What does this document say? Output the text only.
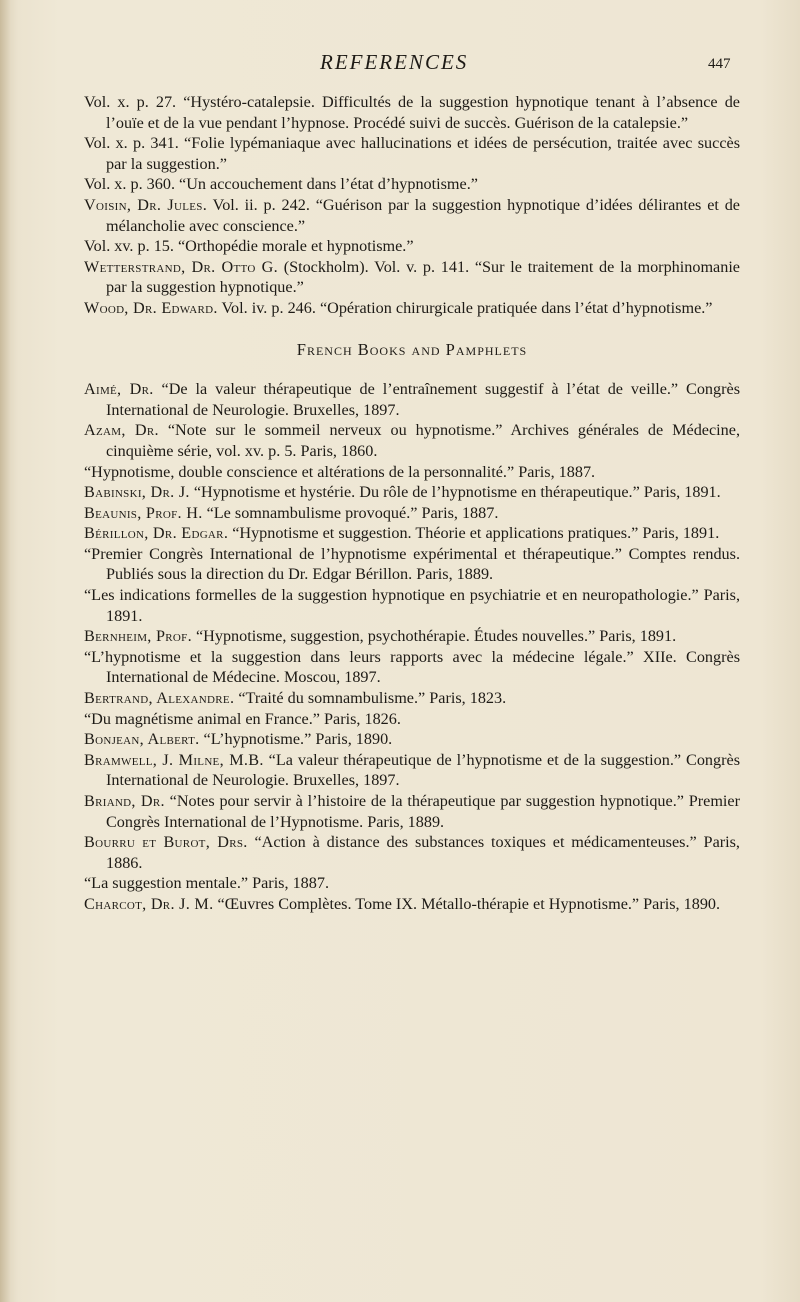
REFERENCES	447

Vol. x. p. 27. “Hystéro-catalepsie. Difficultés de la suggestion hypnotique tenant à l’absence de l’ouïe et de la vue pendant l’hypnose. Procédé suivi de succès. Guérison de la catalepsie.”

Vol. x. p. 341. “Folie lypémaniaque avec hallucinations et idées de persécution, traitée avec succès par la suggestion.”

Vol. x. p. 360. “Un accouchement dans l’état d’hypnotisme.”

Voisin, Dr. Jules. Vol. ii. p. 242. “Guérison par la suggestion hypnotique d’idées délirantes et de mélancholie avec conscience.”

Vol. xv. p. 15. “Orthopédie morale et hypnotisme.”

Wetterstrand, Dr. Otto G. (Stockholm). Vol. v. p. 141. “Sur le traitement de la morphinomanie par la suggestion hypnotique.”

Wood, Dr. Edward. Vol. iv. p. 246. “Opération chirurgicale pratiquée dans l’état d’hypnotisme.”

French Books and Pamphlets

Aimé, Dr. “De la valeur thérapeutique de l’entraînement suggestif à l’état de veille.” Congrès International de Neurologie. Bruxelles, 1897.

Azam, Dr. “Note sur le sommeil nerveux ou hypnotisme.” Archives générales de Médecine, cinquième série, vol. xv. p. 5. Paris, 1860.

“Hypnotisme, double conscience et altérations de la personnalité.” Paris, 1887.

Babinski, Dr. J. “Hypnotisme et hystérie. Du rôle de l’hypnotisme en thérapeutique.” Paris, 1891.

Beaunis, Prof. H. “Le somnambulisme provoqué.” Paris, 1887.

Bérillon, Dr. Edgar. “Hypnotisme et suggestion. Théorie et applications pratiques.” Paris, 1891.

“Premier Congrès International de l’hypnotisme expérimental et thérapeutique.” Comptes rendus. Publiés sous la direction du Dr. Edgar Bérillon. Paris, 1889.

“Les indications formelles de la suggestion hypnotique en psychiatrie et en neuropathologie.” Paris, 1891.

Bernheim, Prof. “Hypnotisme, suggestion, psychothérapie. Études nouvelles.” Paris, 1891.

“L’hypnotisme et la suggestion dans leurs rapports avec la médecine légale.” XIIe. Congrès International de Médecine. Moscou, 1897.

Bertrand, Alexandre. “Traité du somnambulisme.” Paris, 1823.

“Du magnétisme animal en France.” Paris, 1826.

Bonjean, Albert. “L’hypnotisme.” Paris, 1890.

Bramwell, J. Milne, M.B. “La valeur thérapeutique de l’hypnotisme et de la suggestion.” Congrès International de Neurologie. Bruxelles, 1897.

Briand, Dr. “Notes pour servir à l’histoire de la thérapeutique par suggestion hypnotique.” Premier Congrès International de l’Hypnotisme. Paris, 1889.

Bourru et Burot, Drs. “Action à distance des substances toxiques et médicamenteuses.” Paris, 1886.

“La suggestion mentale.” Paris, 1887.

Charcot, Dr. J. M. “Œuvres Complètes. Tome IX. Métallo-thérapie et Hypnotisme.” Paris, 1890.
